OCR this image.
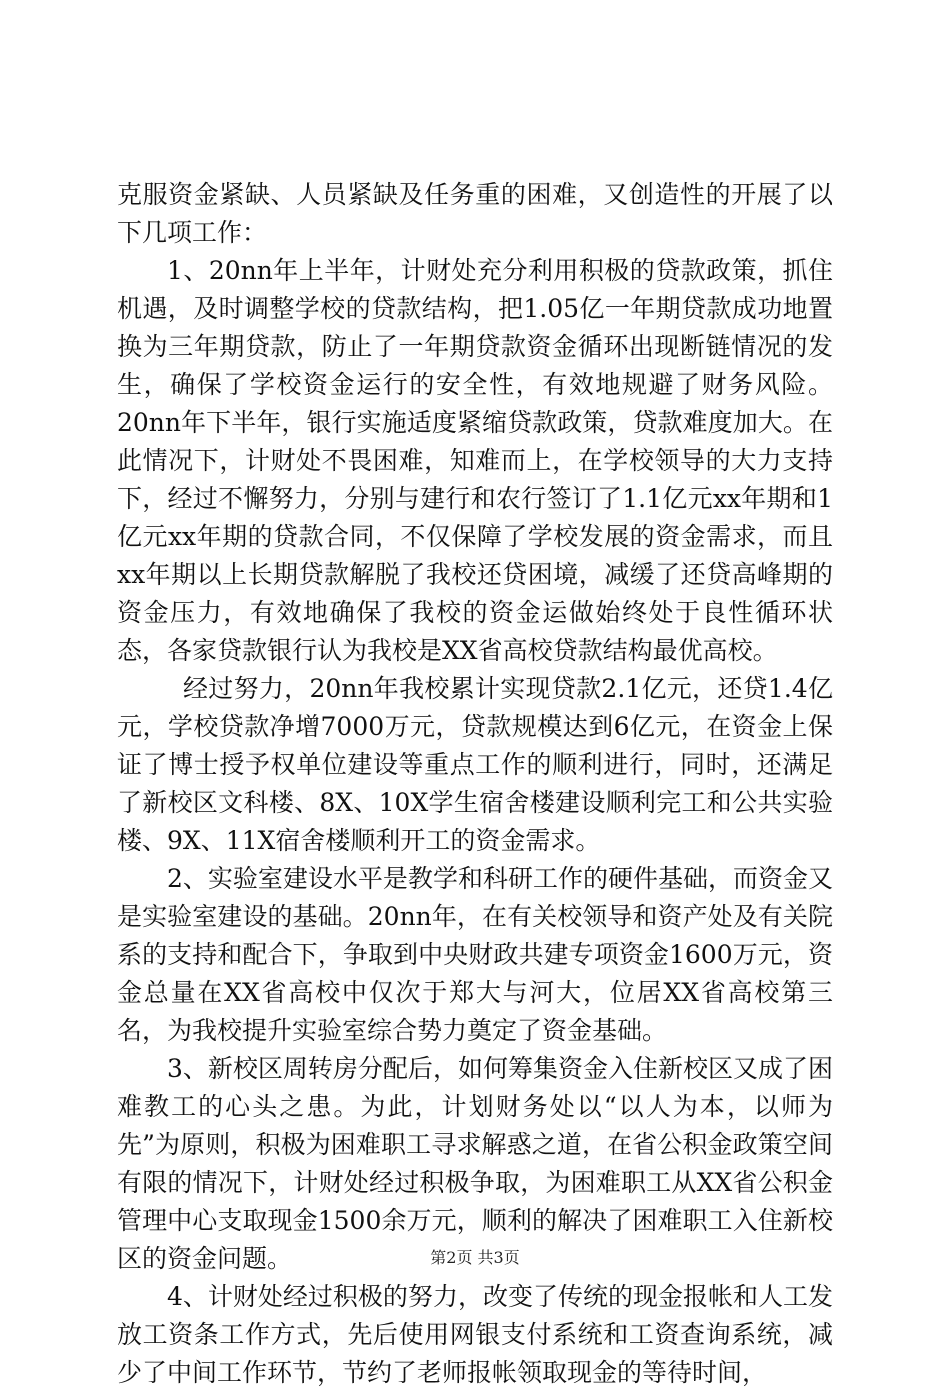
克服资金紧缺、人员紧缺及任务重的困难，又创造性的开展了以下几项工作：

1、20nn年上半年，计财处充分利用积极的贷款政策，抓住机遇，及时调整学校的贷款结构，把1.05亿一年期贷款成功地置换为三年期贷款，防止了一年期贷款资金循环出现断链情况的发生，确保了学校资金运行的安全性，有效地规避了财务风险。20nn年下半年，银行实施适度紧缩贷款政策，贷款难度加大。在此情况下，计财处不畏困难，知难而上，在学校领导的大力支持下，经过不懈努力，分别与建行和农行签订了1.1亿元xx年期和1亿元xx年期的贷款合同，不仅保障了学校发展的资金需求，而且xx年期以上长期贷款解脱了我校还贷困境，减缓了还贷高峰期的资金压力，有效地确保了我校的资金运做始终处于良性循环状态，各家贷款银行认为我校是XX省高校贷款结构最优高校。

经过努力，20nn年我校累计实现贷款2.1亿元，还贷1.4亿元，学校贷款净增7000万元，贷款规模达到6亿元，在资金上保证了博士授予权单位建设等重点工作的顺利进行，同时，还满足了新校区文科楼、8X、10X学生宿舍楼建设顺利完工和公共实验楼、9X、11X宿舍楼顺利开工的资金需求。

2、实验室建设水平是教学和科研工作的硬件基础，而资金又是实验室建设的基础。20nn年，在有关校领导和资产处及有关院系的支持和配合下，争取到中央财政共建专项资金1600万元，资金总量在XX省高校中仅次于郑大与河大，位居XX省高校第三名，为我校提升实验室综合势力奠定了资金基础。

3、新校区周转房分配后，如何筹集资金入住新校区又成了困难教工的心头之患。为此，计划财务处以“以人为本，以师为先”为原则，积极为困难职工寻求解惑之道，在省公积金政策空间有限的情况下，计财处经过积极争取，为困难职工从XX省公积金管理中心支取现金1500余万元，顺利的解决了困难职工入住新校区的资金问题。

4、计财处经过积极的努力，改变了传统的现金报帐和人工发放工资条工作方式，先后使用网银支付系统和工资查询系统，减少了中间工作环节，节约了老师报帐领取现金的等待时间，

第2页 共3页
